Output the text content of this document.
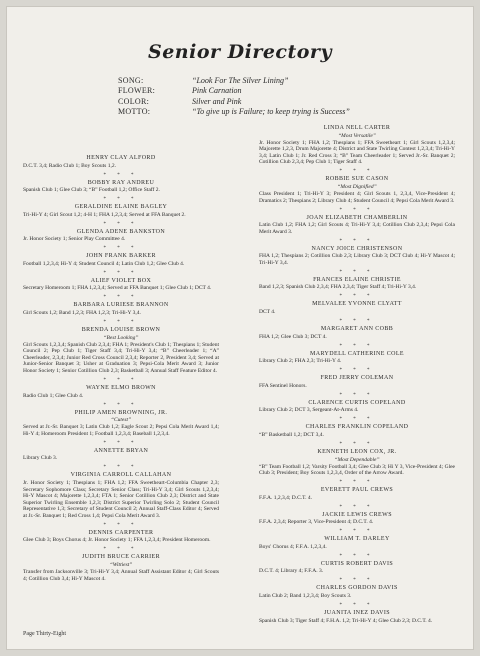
Senior Directory
SONG:	“Look For The Silver Lining”
FLOWER:	Pink Carnation
COLOR:	Silver and Pink
MOTTO:	“To give up is Failure; to keep trying is Success”
HENRY CLAY ALFORD
D.C.T. 3,4; Radio Club 1; Boy Scouts 1,2.
* * *
BOBBY RAY ANDREU
Spanish Club 1; Glee Club 3; “B” Football 1,2; Office Staff 2.
* * *
GERALDINE ELAINE BAGLEY
Tri-Hi-Y 4; Girl Scout 1,2; 4-H 1; FHA 1,2,3,4; Served at FFA Banquet 2.
* * *
GLENDA ADENE BANKSTON
Jr. Honor Society 1; Senior Play Committee 4.
* * *
JOHN FRANK BARKER
Football 1,2,3,4; Hi-Y 4; Student Council 4; Latin Club 1,2; Glee Club 4.
* * *
ALIEF VIOLET BOX
Secretary Homeroom 1; FHA 1,2,3,4; Served at FFA Banquet 1; Glee Club 1; DCT 4.
* * *
BARBARA LURIESE BRANNON
Girl Scouts 1,2; Band 1,2,3; FHA 1,2,3; Tri-Hi-Y 3,4.
* * *
BRENDA LOUISE BROWN
“Best Looking”
Girl Scouts 1,2,3,4; Spanish Club 2,3,4; FHA 1; President's Club 1; Thespians 1; Student Council 2; Pep Club 1; Tiger Staff 3,4; Tri-Hi-Y 3,4; “B” Cheerleader 1; “A” Cheerleader, 2,3,4; Junior Red Cross Council 2,3,4; Reporter 2, President 3,4; Served at Junior-Senior Banquet 3; Usher at Graduation 3; Pepsi-Cola Merit Award 3; Junior Honor Society 1; Senior Cotillion Club 2,3; Basketball 3; Annual Staff Feature Editor 4.
* * *
WAYNE ELMO BROWN
Radio Club 1; Glee Club 4.
* * *
PHILIP AMEN BROWNING, JR.
“Cutest”
Served at Jr.-Sr. Banquet 3; Latin Club 1,2; Eagle Scout 2; Pepsi Cola Merit Award 1,4; Hi-Y 4; Homeroom President 1; Football 1,2,3,4; Baseball 1,2,3,4.
* * *
ANNETTE BRYAN
Library Club 3.
* * *
VIRGINIA CARROLL CALLAHAN
Jr. Honor Society 1; Thespians 1; FHA 1,2; FFA Sweetheart-Columbia Chapter 2,3; Secretary Sophomore Class; Secretary Senior Class; Tri-Hi-Y 3,4; Girl Scouts 1,2,3,4; Hi-Y Mascot 4; Majorette 1,2,3,4; FTA 1; Senior Cotillion Club 2,3; District and State Superior Twirling Ensemble 1,2,3; District Superior Twirling Solo 2; Student Council Representative 1,3; Secretary of Student Council 2; Annual Staff-Class Editor 4; Served at Jr.-Sr. Banquet 1; Red Cross 1,4; Pepsi Cola Merit Award 3.
* * *
DENNIS CARPENTER
Glee Club 3; Boys Chorus 4; Jr. Honor Society 1; FFA 1,2,3,4; President Homeroom.
* * *
JUDITH BRUCE CARRIER
“Wittiest”
Transfer from Jacksonville 3; Tri-Hi-Y 3,4; Annual Staff Assistant Editor 4; Girl Scouts 4; Cotillion Club 3,4; Hi-Y Mascot 4.
LINDA NELL CARTER
“Most Versatile”
Jr. Honor Society 1; FHA 1,2; Thespians 1; FFA Sweetheart 1; Girl Scouts 1,2,3,4; Majorette 1,2,3, Drum Majorette 4; District and State Twirling Contest 1,2,3,4; Tri-Hi-Y 3,4; Latin Club 1; Jr. Red Cross 3; “B” Team Cheerleader 1; Served Jr.-Sr. Banquet 2; Cotillion Club 2,3,4; Pep Club 1; Tiger Staff 4.
* * *
ROBBIE SUE CASON
“Most Dignified”
Class President 1; Tri-Hi-Y 3; President 4; Girl Scouts 1, 2,3,4, Vice-President 4; Dramatics 2; Thespians 2; Library Club 4; Student Council 4; Pepsi Cola Merit Award 3.
* * *
JOAN ELIZABETH CHAMBERLIN
Latin Club 1,2; FHA 1,2; Girl Scouts 4; Tri-Hi-Y 3,4; Cotillion Club 2,3,4; Pepsi Cola Merit Award 3.
* * *
NANCY JOICE CHRISTENSON
FHA 1,2; Thespians 2; Cotillion Club 2,3; Library Club 3; DCT Club 4; Hi-Y Mascot 4; Tri-Hi-Y 3,4.
* * *
FRANCES ELAINE CHRISTIE
Band 1,2,3; Spanish Club 2,3,4; FHA 2,3,4; Tiger Staff 4; Tri-Hi-Y 3,4.
* * *
MELVALEE YVONNE CLYATT
DCT 4.
* * *
MARGARET ANN COBB
FHA 1,2; Glee Club 3; DCT 4.
* * *
MARYDELL CATHERINE COLE
Library Club 2; FHA 2,3; Tri-Hi-Y 4.
* * *
FRED JERRY COLEMAN
FFA Sentinel Honors.
* * *
CLARENCE CURTIS COPELAND
Library Club 2; DCT 3, Sergeant-At-Arms 4.
* * *
CHARLES FRANKLIN COPELAND
“B” Basketball 1,2; DCT 3,4.
* * *
KENNETH LEON COX, JR.
“Most Dependable”
“B” Team Football 1,2; Varsity Football 3,4; Glee Club 3; Hi Y 3, Vice-President 4; Glee Club 3; President; Boy Scouts 1,2,3,4, Order of the Arrow Award.
* * *
EVERETT PAUL CREWS
F.F.A. 1,2,3,4; D.C.T. 4.
* * *
JACKIE LEWIS CREWS
F.F.A. 2,3,4; Reporter 3, Vice-President 4; D.C.T. 4.
* * *
WILLIAM T. DARLEY
Boys' Chorus 4; F.F.A. 1,2,3,4.
* * *
CURTIS ROBERT DAVIS
D.C.T. 4; Library 4; F.F.A. 3.
* * *
CHARLES GORDON DAVIS
Latin Club 2; Band 1,2,3,4; Boy Scouts 3.
* * *
JUANITA INEZ DAVIS
Spanish Club 3; Tiger Staff 4; F.H.A. 1,2; Tri-Hi-Y 4; Glee Club 2,3; D.C.T. 4.
Page Thirty-Eight
